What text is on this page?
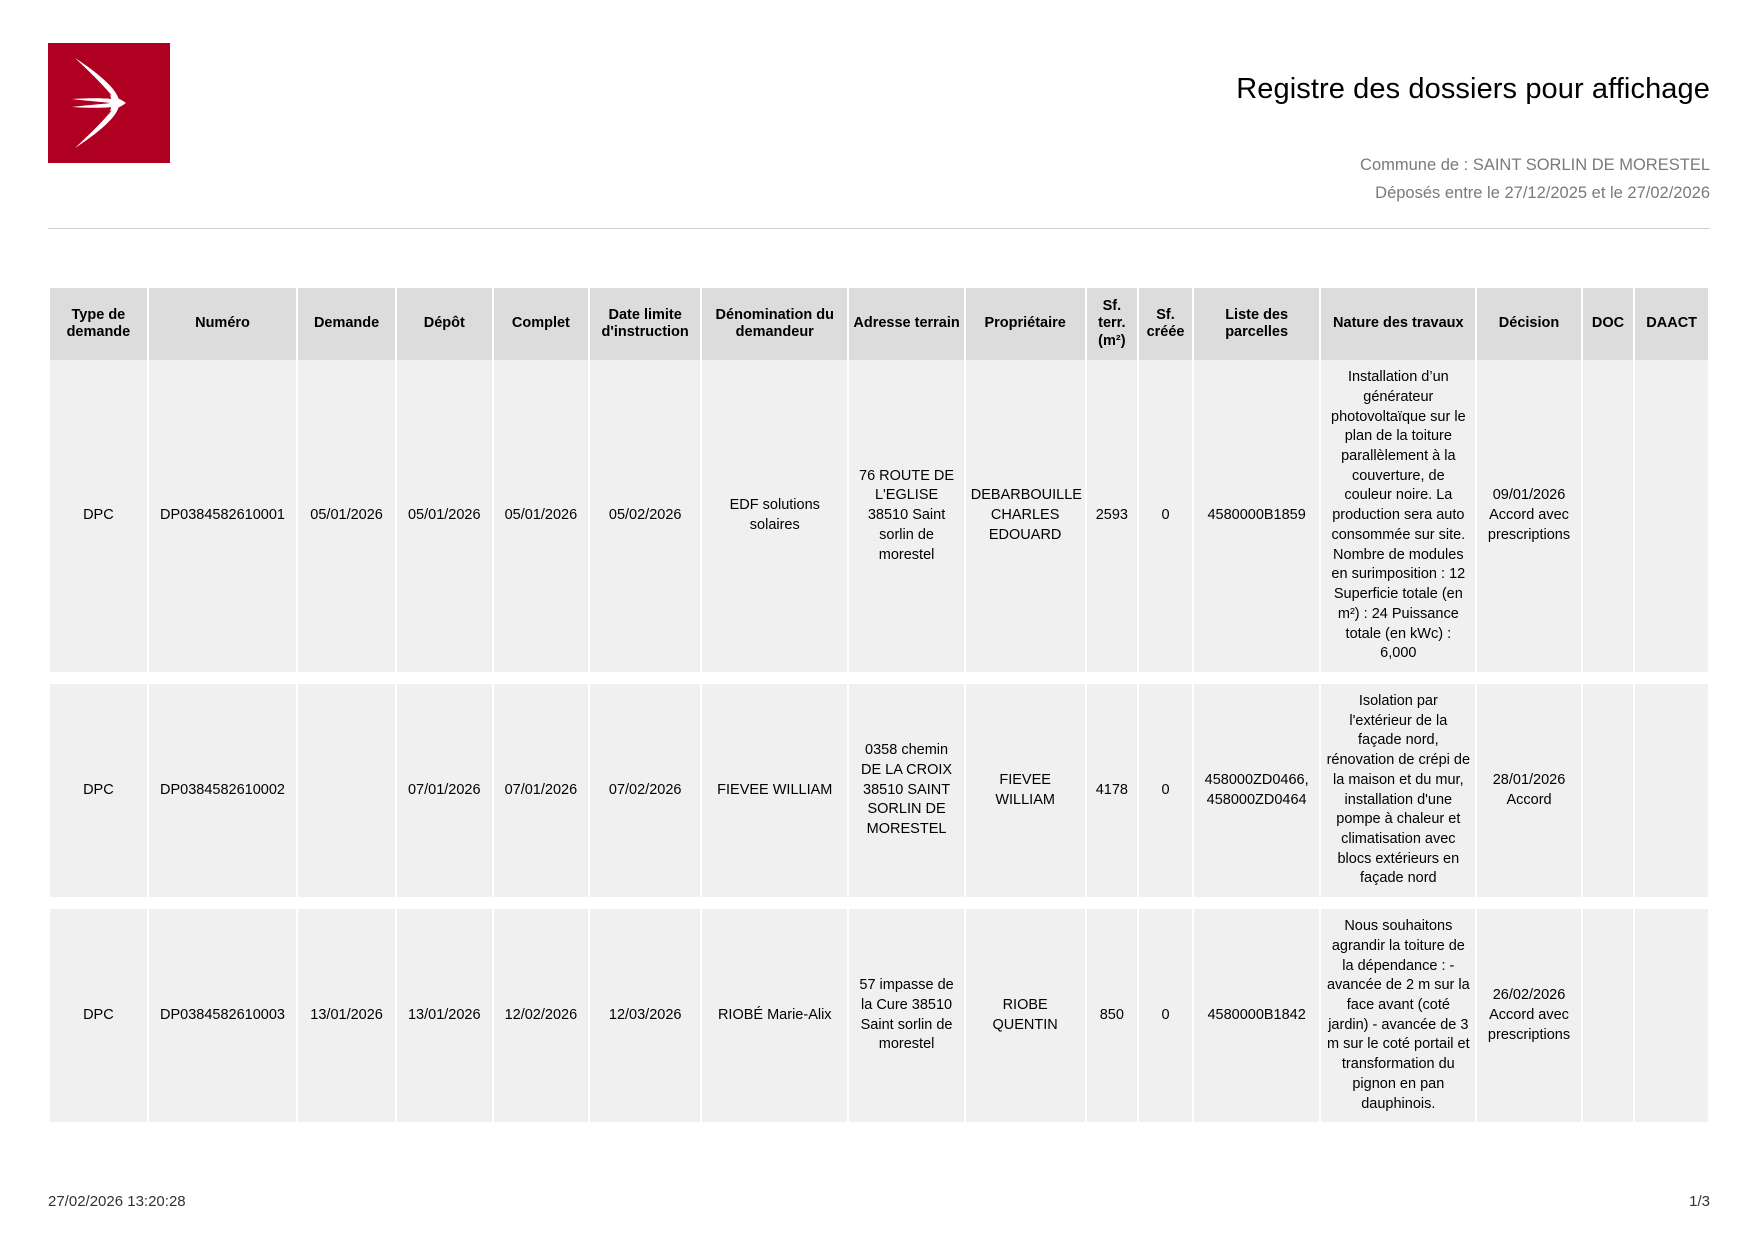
Registre des dossiers pour affichage
Commune de : SAINT SORLIN DE MORESTEL
Déposés entre le 27/12/2025 et le 27/02/2026
Type de demande	Numéro	Demande	Dépôt	Complet	Date limite d'instruction	Dénomination du demandeur	Adresse terrain	Propriétaire	Sf. terr. (m²)	Sf. créée	Liste des parcelles	Nature des travaux	Décision	DOC	DAACT
DPC	DP0384582610001	05/01/2026	05/01/2026	05/01/2026	05/02/2026	EDF solutions solaires	76 ROUTE DE L'EGLISE 38510 Saint sorlin de morestel	DEBARBOUILLE CHARLES EDOUARD	2593	0	4580000B1859	Installation d’un générateur photovoltaïque sur le plan de la toiture parallèlement à la couverture, de couleur noire. La production sera auto consommée sur site. Nombre de modules en surimposition : 12 Superficie totale (en m²) : 24 Puissance totale (en kWc) : 6,000	09/01/2026 Accord avec prescriptions		

DPC	DP0384582610002		07/01/2026	07/01/2026	07/02/2026	FIEVEE WILLIAM	0358 chemin DE LA CROIX 38510 SAINT SORLIN DE MORESTEL	FIEVEE WILLIAM	4178	0	458000ZD0466, 458000ZD0464	Isolation par l'extérieur de la façade nord, rénovation de crépi de la maison et du mur, installation d'une pompe à chaleur et climatisation avec blocs extérieurs en façade nord	28/01/2026 Accord		

DPC	DP0384582610003	13/01/2026	13/01/2026	12/02/2026	12/03/2026	RIOBÉ Marie-Alix	57 impasse de la Cure 38510 Saint sorlin de morestel	RIOBE QUENTIN	850	0	4580000B1842	Nous souhaitons agrandir la toiture de la dépendance : - avancée de 2 m sur la face avant (coté jardin) - avancée de 3 m sur le coté portail et transformation du pignon en pan dauphinois.	26/02/2026 Accord avec prescriptions		
27/02/2026 13:20:28	1/3
